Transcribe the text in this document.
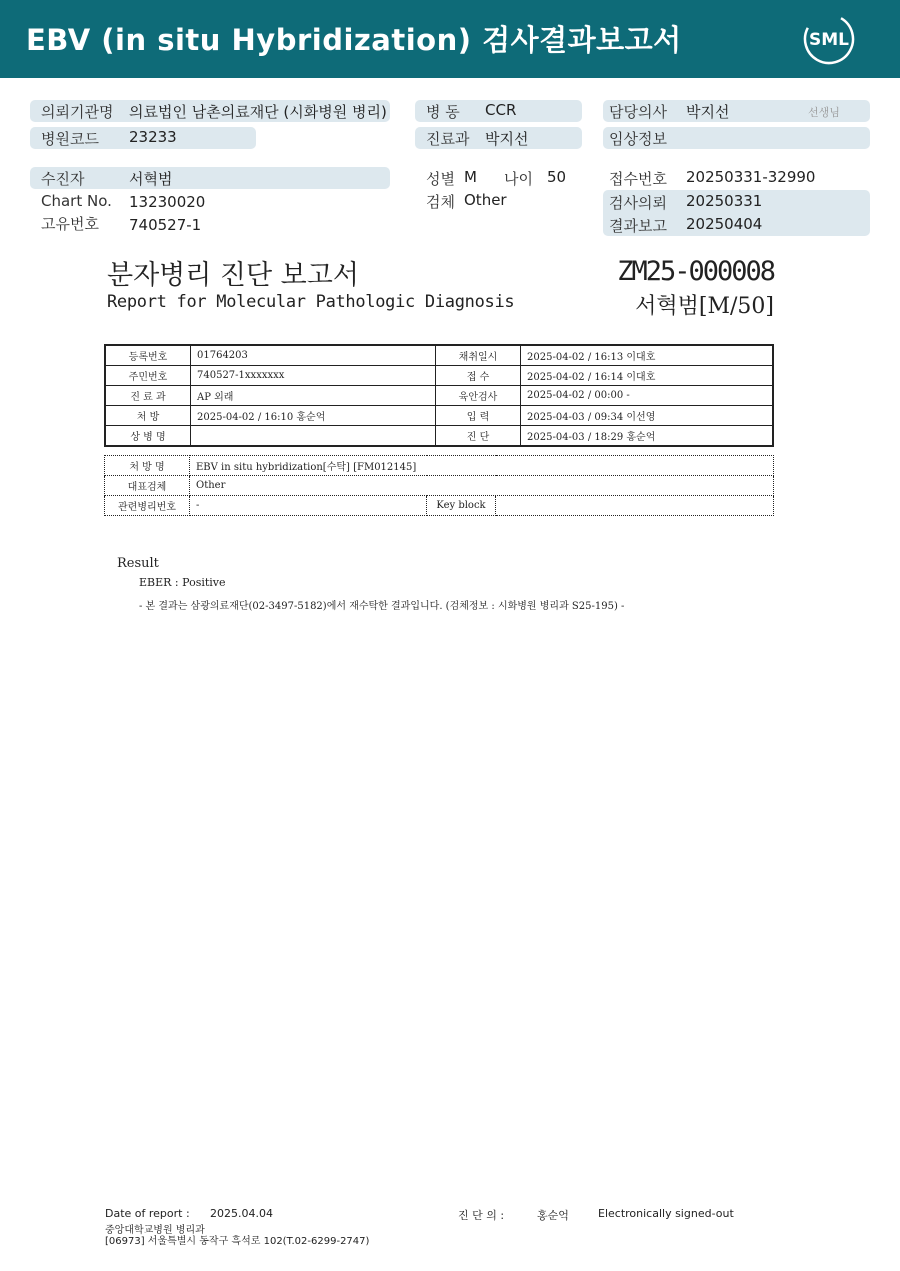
EBV (in situ Hybridization) 검사결과보고서	SML
의뢰기관명 의료법인 남촌의료재단 (시화병원 병리)
병원코드 23233
수진자	서혁범
Chart No. 13230020
고유번호 740527-1
병 동 CCR
진료과 박지선
성별 M 나이 50
검체 Other
담당의사 박지선	선생님
임상정보
접수번호 20250331-32990
검사의뢰 20250331
결과보고 20250404
분자병리 진단 보고서
Report for Molecular Pathologic Diagnosis
ZM25-000008
서혁범[M/50]
등록번호	01764203	채취일시	2025-04-02 / 16:13 이대호
주민번호	740527-1xxxxxxx	접 수	2025-04-02 / 16:14 이대호
진 료 과	AP 외래	육안검사	2025-04-02 / 00:00 -
처 방	2025-04-02 / 16:10 홍순억	입 력	2025-04-03 / 09:34 이선영
상 병 명		진 단	2025-04-03 / 18:29 홍순억
처 방 명	EBV in situ hybridization[수탁] [FM012145]		
대표검체	Other		
관련병리번호	-	Key block	
Result
EBER : Positive
- 본 결과는 삼광의료재단(02-3497-5182)에서 재수탁한 결과입니다. (검체정보 : 시화병원 병리과 S25-195) -
Date of report : 2025.04.04	진 단 의 :	홍순억	Electronically signed-out
중앙대학교병원 병리과
[06973] 서울특별시 동작구 흑석로 102(T.02-6299-2747)
